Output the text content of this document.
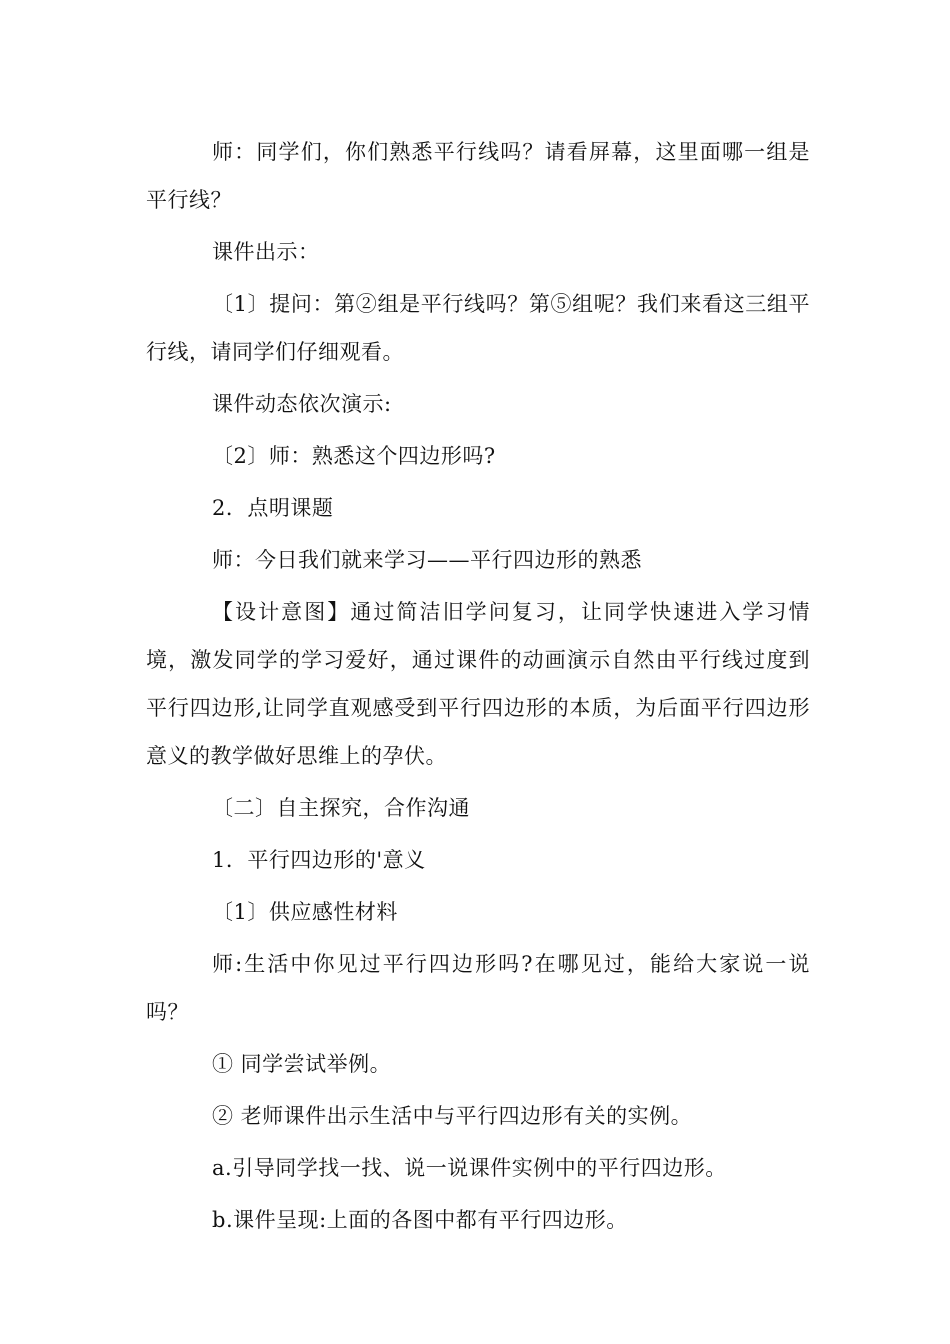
师：同学们，你们熟悉平行线吗？请看屏幕，这里面哪一组是平行线？

课件出示：

〔1〕提问：第②组是平行线吗？第⑤组呢？我们来看这三组平行线，请同学们仔细观看。

课件动态依次演示:

〔2〕师：熟悉这个四边形吗?

2．点明课题

师：今日我们就来学习——平行四边形的熟悉

【设计意图】通过简洁旧学问复习，让同学快速进入学习情境，激发同学的学习爱好，通过课件的动画演示自然由平行线过度到平行四边形,让同学直观感受到平行四边形的本质，为后面平行四边形意义的教学做好思维上的孕伏。

〔二〕自主探究，合作沟通

1．平行四边形的'意义

〔1〕供应感性材料

师:生活中你见过平行四边形吗?在哪见过，能给大家说一说吗？

① 同学尝试举例。

② 老师课件出示生活中与平行四边形有关的实例。

a.引导同学找一找、说一说课件实例中的平行四边形。

b.课件呈现:上面的各图中都有平行四边形。
